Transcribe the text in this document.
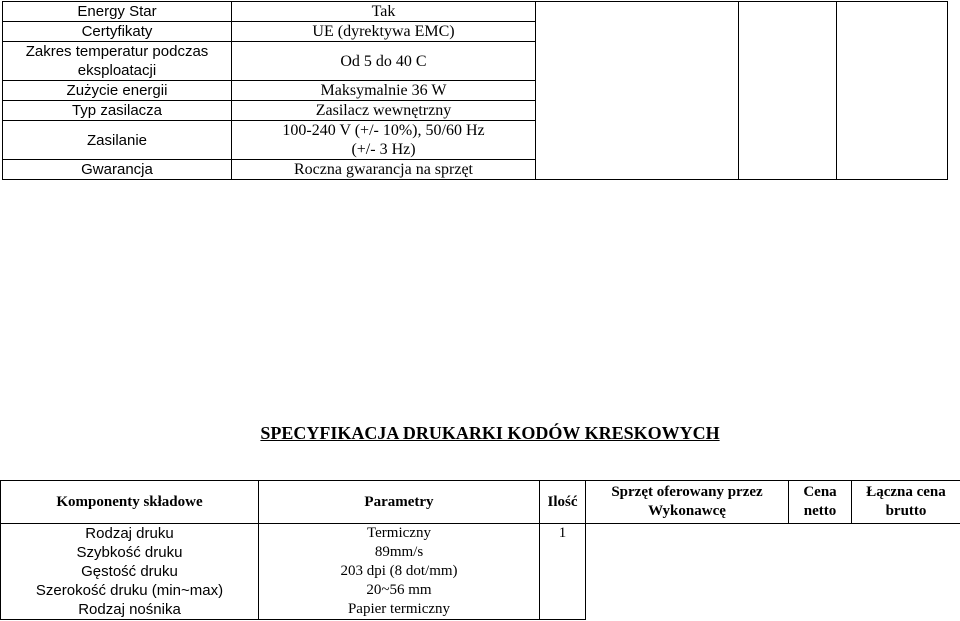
Energy Star	Tak			
Certyfikaty	UE (dyrektywa EMC)			
Zakres temperatur podczas eksploatacji	Od 5 do 40 C			
Zużycie energii	Maksymalnie 36 W			
Typ zasilacza	Zasilacz wewnętrzny			
Zasilanie	100-240 V (+/- 10%), 50/60 Hz (+/- 3 Hz)			
Gwarancja	Roczna gwarancja na sprzęt			
SPECYFIKACJA DRUKARKI KODÓW KRESKOWYCH
Komponenty składowe	Parametry	Ilość	Sprzęt oferowany przez Wykonawcę	Cena netto	Łączna cena brutto
Rodzaj druku	Termiczny	1			
Szybkość druku	89mm/s				
Gęstość druku	203 dpi (8 dot/mm)				
Szerokość druku (min~max)	20~56 mm				
Rodzaj nośnika	Papier termiczny				
